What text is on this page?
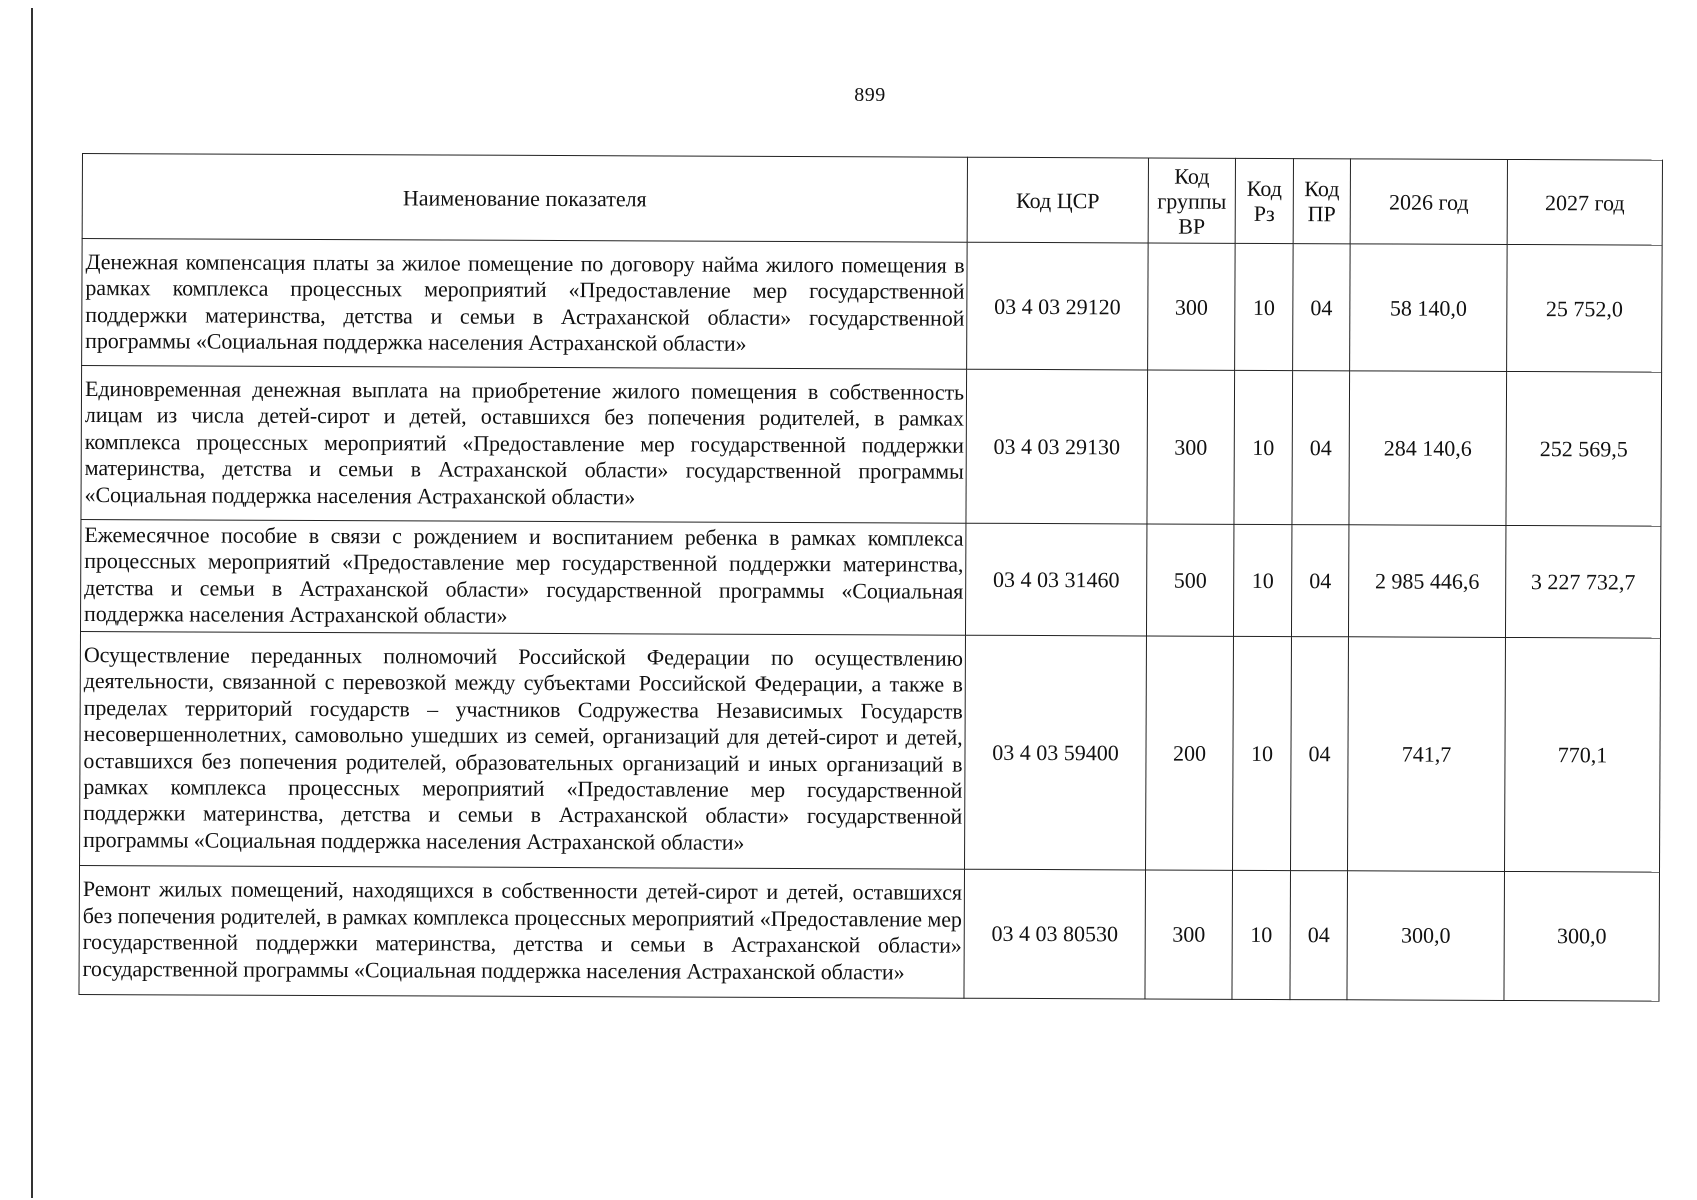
899
Наименование показателя	Код ЦСР	Код группы ВР	Код Рз	Код ПР	2026 год	2027 год
Денежная компенсация платы за жилое помещение по договору найма жилого помещения в рамках комплекса процессных мероприятий «Предоставление мер государственной поддержки материнства, детства и семьи в Астраханской области» государственной программы «Социальная поддержка населения Астраханской области»	03 4 03 29120	300	10	04	58 140,0	25 752,0
Единовременная денежная выплата на приобретение жилого помещения в собственность лицам из числа детей-сирот и детей, оставшихся без попечения родителей, в рамках комплекса процессных мероприятий «Предоставление мер государственной поддержки материнства, детства и семьи в Астраханской области» государственной программы «Социальная поддержка населения Астраханской области»	03 4 03 29130	300	10	04	284 140,6	252 569,5
Ежемесячное пособие в связи с рождением и воспитанием ребенка в рамках комплекса процессных мероприятий «Предоставление мер государственной поддержки материнства, детства и семьи в Астраханской области» государственной программы «Социальная поддержка населения Астраханской области»	03 4 03 31460	500	10	04	2 985 446,6	3 227 732,7
Осуществление переданных полномочий Российской Федерации по осуществлению деятельности, связанной с перевозкой между субъектами Российской Федерации, а также в пределах территорий государств – участников Содружества Независимых Государств несовершеннолетних, самовольно ушедших из семей, организаций для детей-сирот и детей, оставшихся без попечения родителей, образовательных организаций и иных организаций в рамках комплекса процессных мероприятий «Предоставление мер государственной поддержки материнства, детства и семьи в Астраханской области» государственной программы «Социальная поддержка населения Астраханской области»	03 4 03 59400	200	10	04	741,7	770,1
Ремонт жилых помещений, находящихся в собственности детей-сирот и детей, оставшихся без попечения родителей, в рамках комплекса процессных мероприятий «Предоставление мер государственной поддержки материнства, детства и семьи в Астраханской области» государственной программы «Социальная поддержка населения Астраханской области»	03 4 03 80530	300	10	04	300,0	300,0
